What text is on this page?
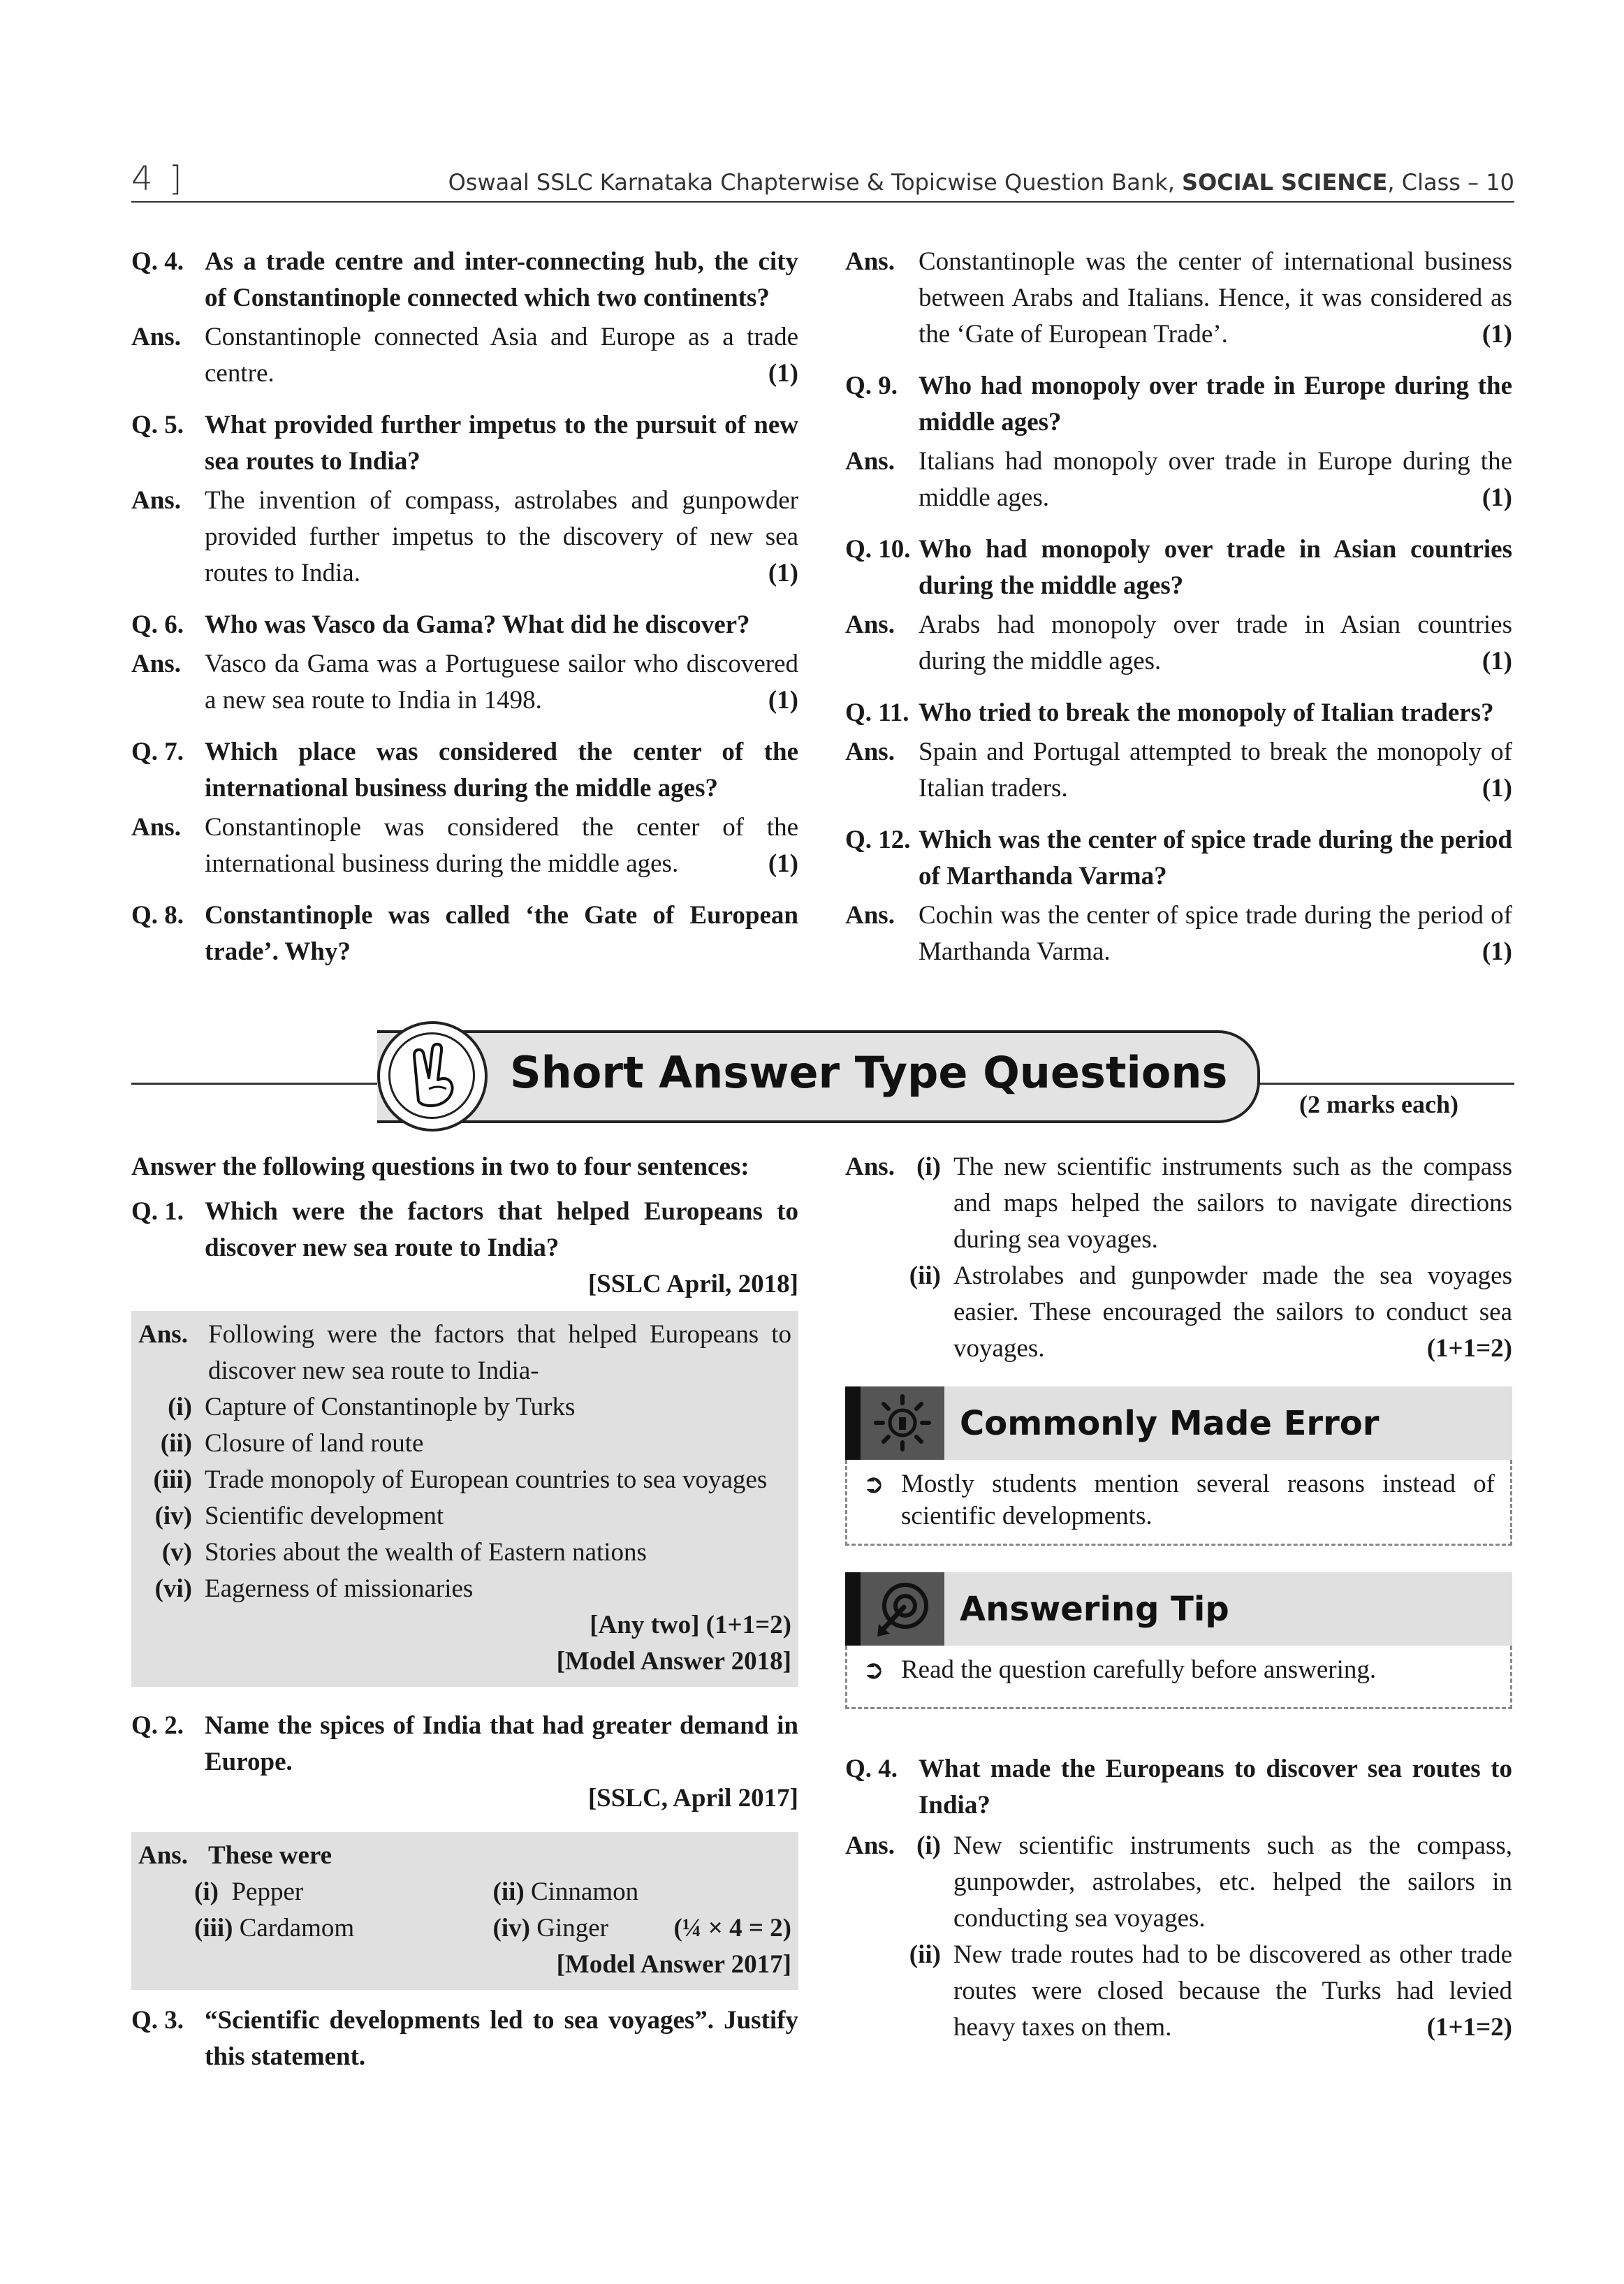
4 ]	Oswaal SSLC Karnataka Chapterwise & Topicwise Question Bank, SOCIAL SCIENCE, Class – 10
Q. 4. As a trade centre and inter-connecting hub, the city of Constantinople connected which two continents?
Ans. Constantinople connected Asia and Europe as a trade centre.	(1)
Q. 5. What provided further impetus to the pursuit of new sea routes to India?
Ans. The invention of compass, astrolabes and gunpowder provided further impetus to the discovery of new sea routes to India.	(1)
Q. 6. Who was Vasco da Gama? What did he discover?
Ans. Vasco da Gama was a Portuguese sailor who discovered a new sea route to India in 1498.	(1)
Q. 7. Which place was considered the center of the international business during the middle ages?
Ans. Constantinople was considered the center of the international business during the middle ages.	(1)
Q. 8. Constantinople was called ‘the Gate of European trade’. Why?
Ans. Constantinople was the center of international business between Arabs and Italians. Hence, it was considered as the ‘Gate of European Trade’.	(1)
Q. 9. Who had monopoly over trade in Europe during the middle ages?
Ans. Italians had monopoly over trade in Europe during the middle ages.	(1)
Q. 10. Who had monopoly over trade in Asian countries during the middle ages?
Ans. Arabs had monopoly over trade in Asian countries during the middle ages.	(1)
Q. 11. Who tried to break the monopoly of Italian traders?
Ans. Spain and Portugal attempted to break the monopoly of Italian traders.	(1)
Q. 12. Which was the center of spice trade during the period of Marthanda Varma?
Ans. Cochin was the center of spice trade during the period of Marthanda Varma.	(1)
Short Answer Type Questions
(2 marks each)
Answer the following questions in two to four sentences:
Q. 1. Which were the factors that helped Europeans to discover new sea route to India?
[SSLC April, 2018]
Ans. Following were the factors that helped Europeans to discover new sea route to India-
(i) Capture of Constantinople by Turks
(ii) Closure of land route
(iii) Trade monopoly of European countries to sea voyages
(iv) Scientific development
(v) Stories about the wealth of Eastern nations
(vi) Eagerness of missionaries
[Any two] (1+1=2)
[Model Answer 2018]
Q. 2. Name the spices of India that had greater demand in Europe.
[SSLC, April 2017]
Ans. These were
(i) Pepper	(ii) Cinnamon
(iii) Cardamom	(iv) Ginger	(¼ × 4 = 2)
[Model Answer 2017]
Q. 3. “Scientific developments led to sea voyages”. Justify this statement.
Ans. (i) The new scientific instruments such as the compass and maps helped the sailors to navigate directions during sea voyages.
(ii) Astrolabes and gunpowder made the sea voyages easier. These encouraged the sailors to conduct sea voyages.	(1+1=2)
Commonly Made Error
➲ Mostly students mention several reasons instead of scientific developments.
Answering Tip
➲ Read the question carefully before answering.
Q. 4. What made the Europeans to discover sea routes to India?
Ans. (i) New scientific instruments such as the compass, gunpowder, astrolabes, etc. helped the sailors in conducting sea voyages.
(ii) New trade routes had to be discovered as other trade routes were closed because the Turks had levied heavy taxes on them.	(1+1=2)
